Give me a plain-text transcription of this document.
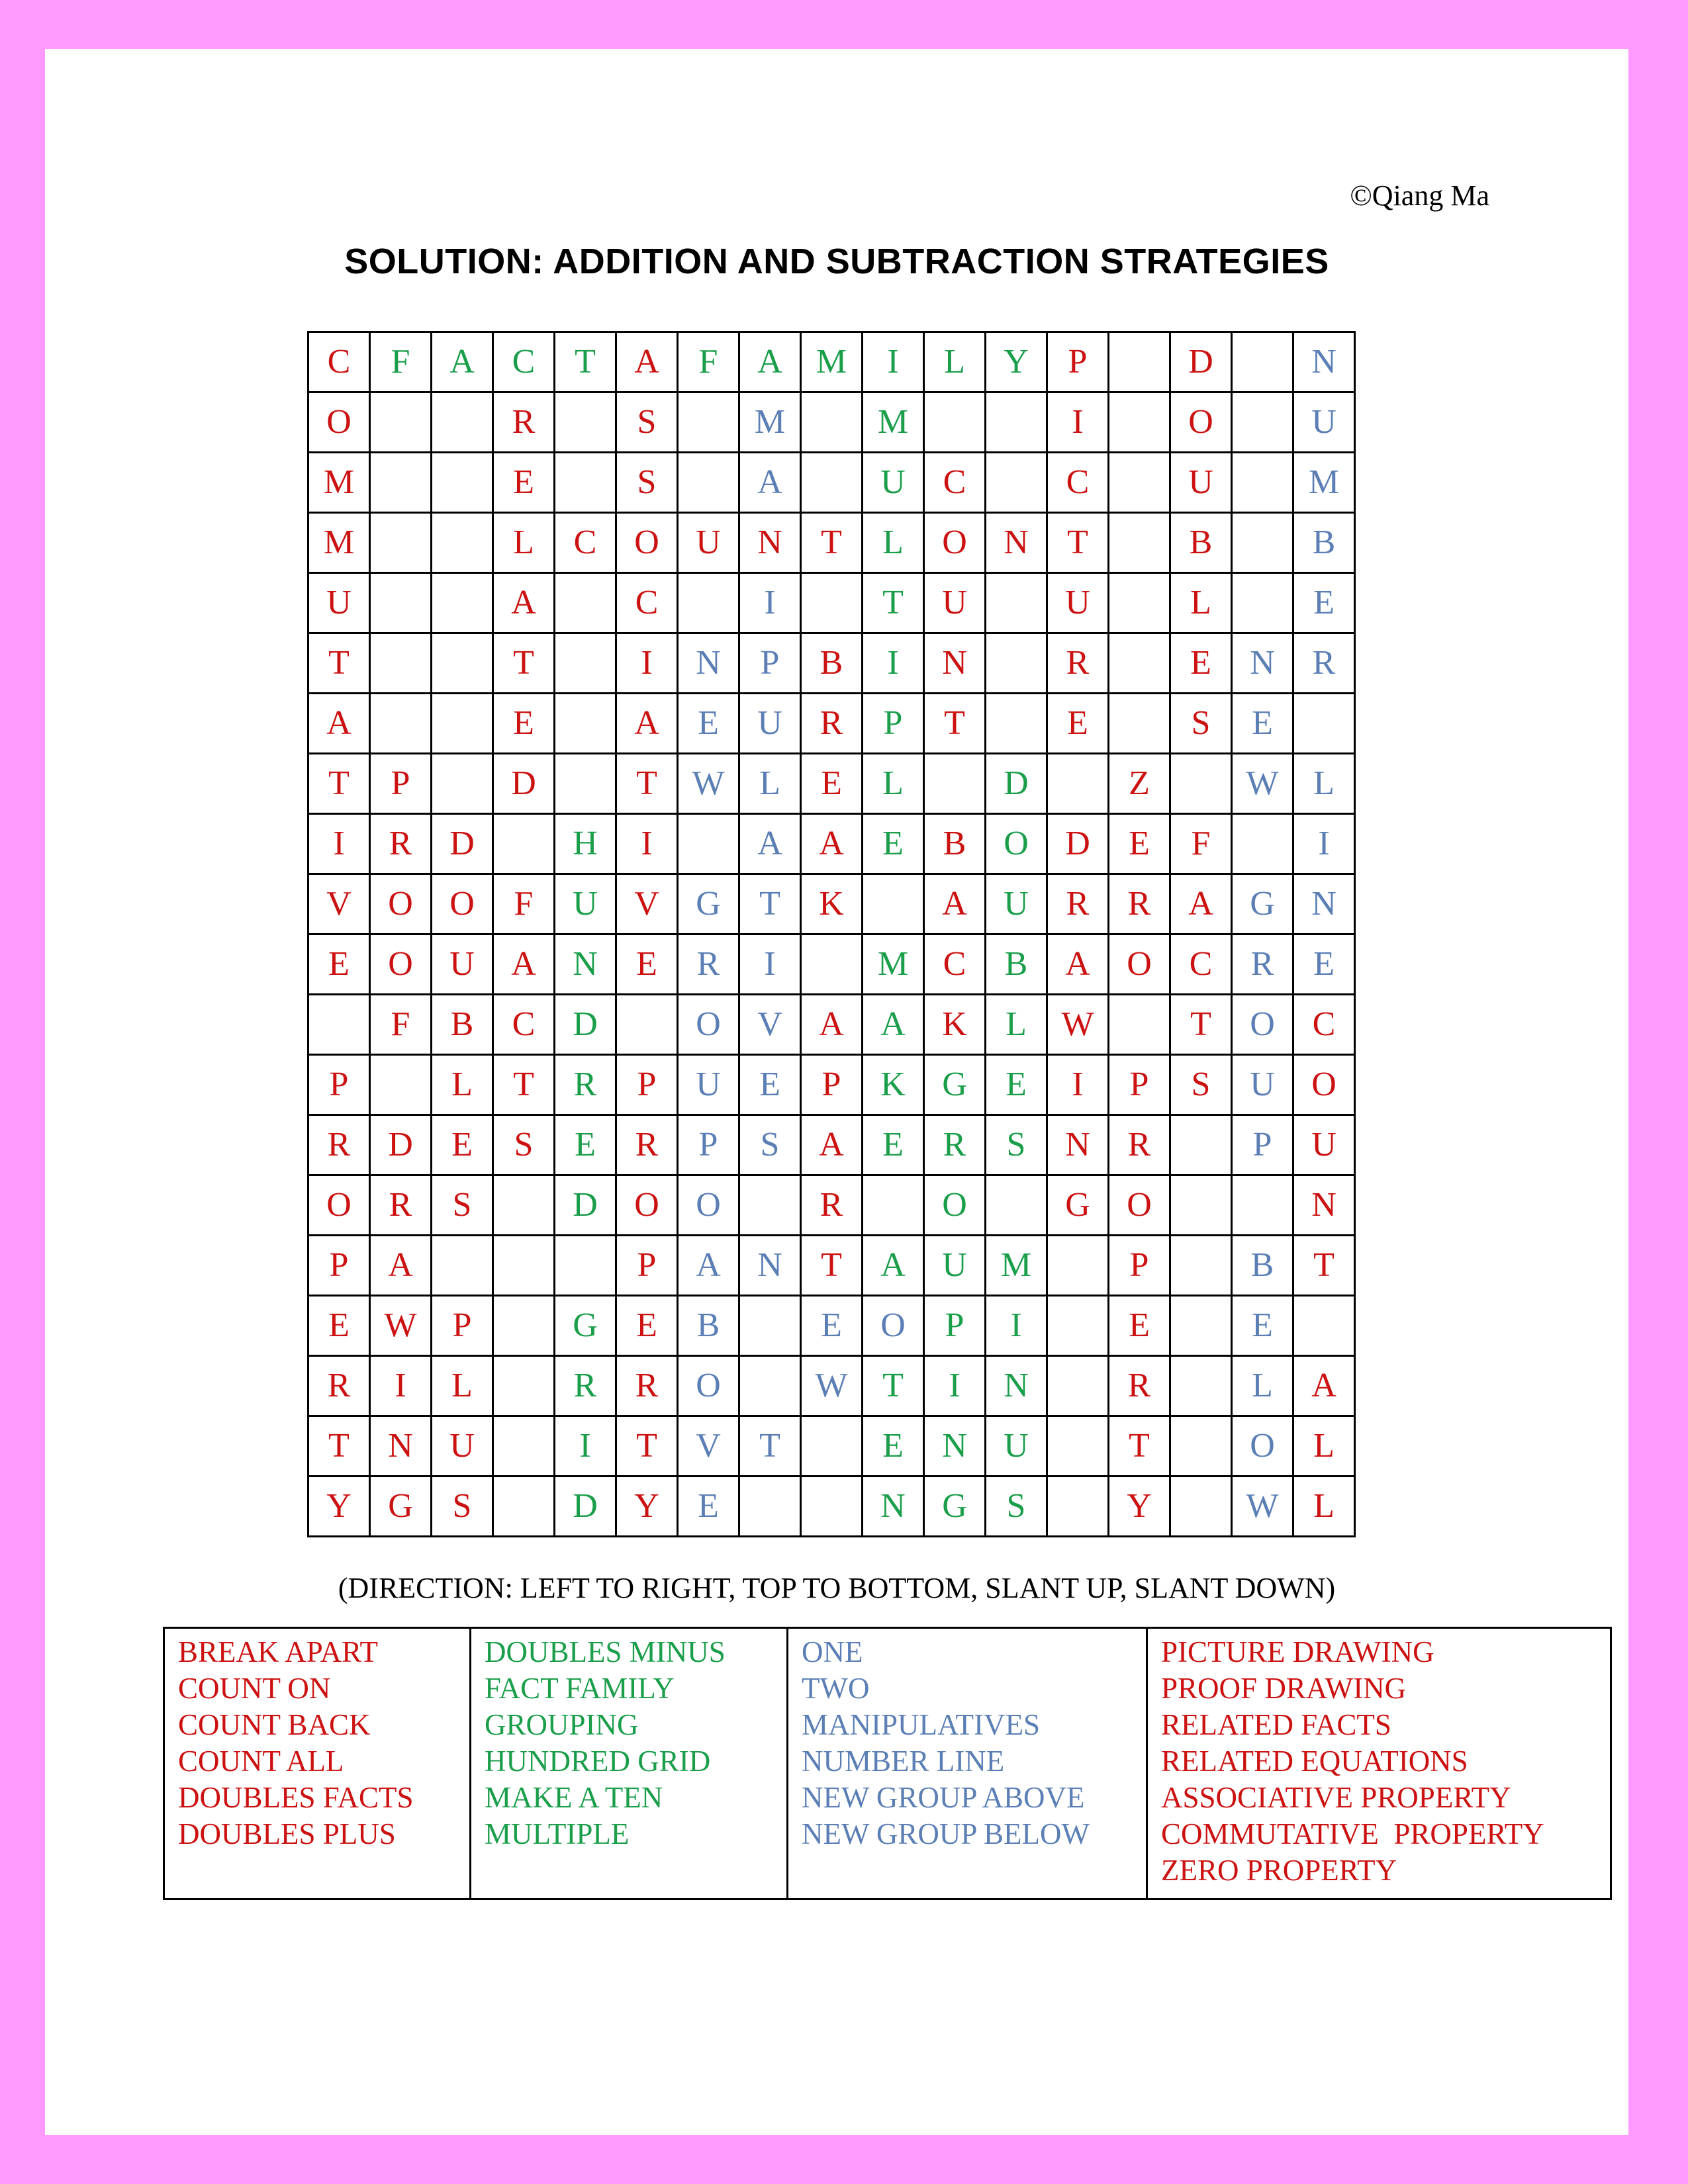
©Qiang Ma
SOLUTION: ADDITION AND SUBTRACTION STRATEGIES
C	F	A	C	T	A	F	A	M	I	L	Y	P		D		N
O			R		S		M		M			I		O		U
M			E		S		A		U	C		C		U		M
M			L	C	O	U	N	T	L	O	N	T		B		B
U			A		C		I		T	U		U		L		E
T			T		I	N	P	B	I	N		R		E	N	R
A			E		A	E	U	R	P	T		E		S	E	
T	P		D		T	W	L	E	L		D		Z		W	L
I	R	D		H	I		A	A	E	B	O	D	E	F		I
V	O	O	F	U	V	G	T	K		A	U	R	R	A	G	N
E	O	U	A	N	E	R	I		M	C	B	A	O	C	R	E
	F	B	C	D		O	V	A	A	K	L	W		T	O	C
P		L	T	R	P	U	E	P	K	G	E	I	P	S	U	O
R	D	E	S	E	R	P	S	A	E	R	S	N	R		P	U
O	R	S		D	O	O		R		O		G	O			N
P	A				P	A	N	T	A	U	M		P		B	T
E	W	P		G	E	B		E	O	P	I		E		E	
R	I	L		R	R	O		W	T	I	N		R		L	A
T	N	U		I	T	V	T		E	N	U		T		O	L
Y	G	S		D	Y	E			N	G	S		Y		W	L
(DIRECTION: LEFT TO RIGHT, TOP TO BOTTOM, SLANT UP, SLANT DOWN)
BREAK APART
COUNT ON
COUNT BACK
COUNT ALL
DOUBLES FACTS
DOUBLES PLUS

DOUBLES MINUS
FACT FAMILY
GROUPING
HUNDRED GRID
MAKE A TEN
MULTIPLE

ONE
TWO
MANIPULATIVES
NUMBER LINE
NEW GROUP ABOVE
NEW GROUP BELOW

PICTURE DRAWING
PROOF DRAWING
RELATED FACTS
RELATED EQUATIONS
ASSOCIATIVE PROPERTY
COMMUTATIVE  PROPERTY
ZERO PROPERTY
